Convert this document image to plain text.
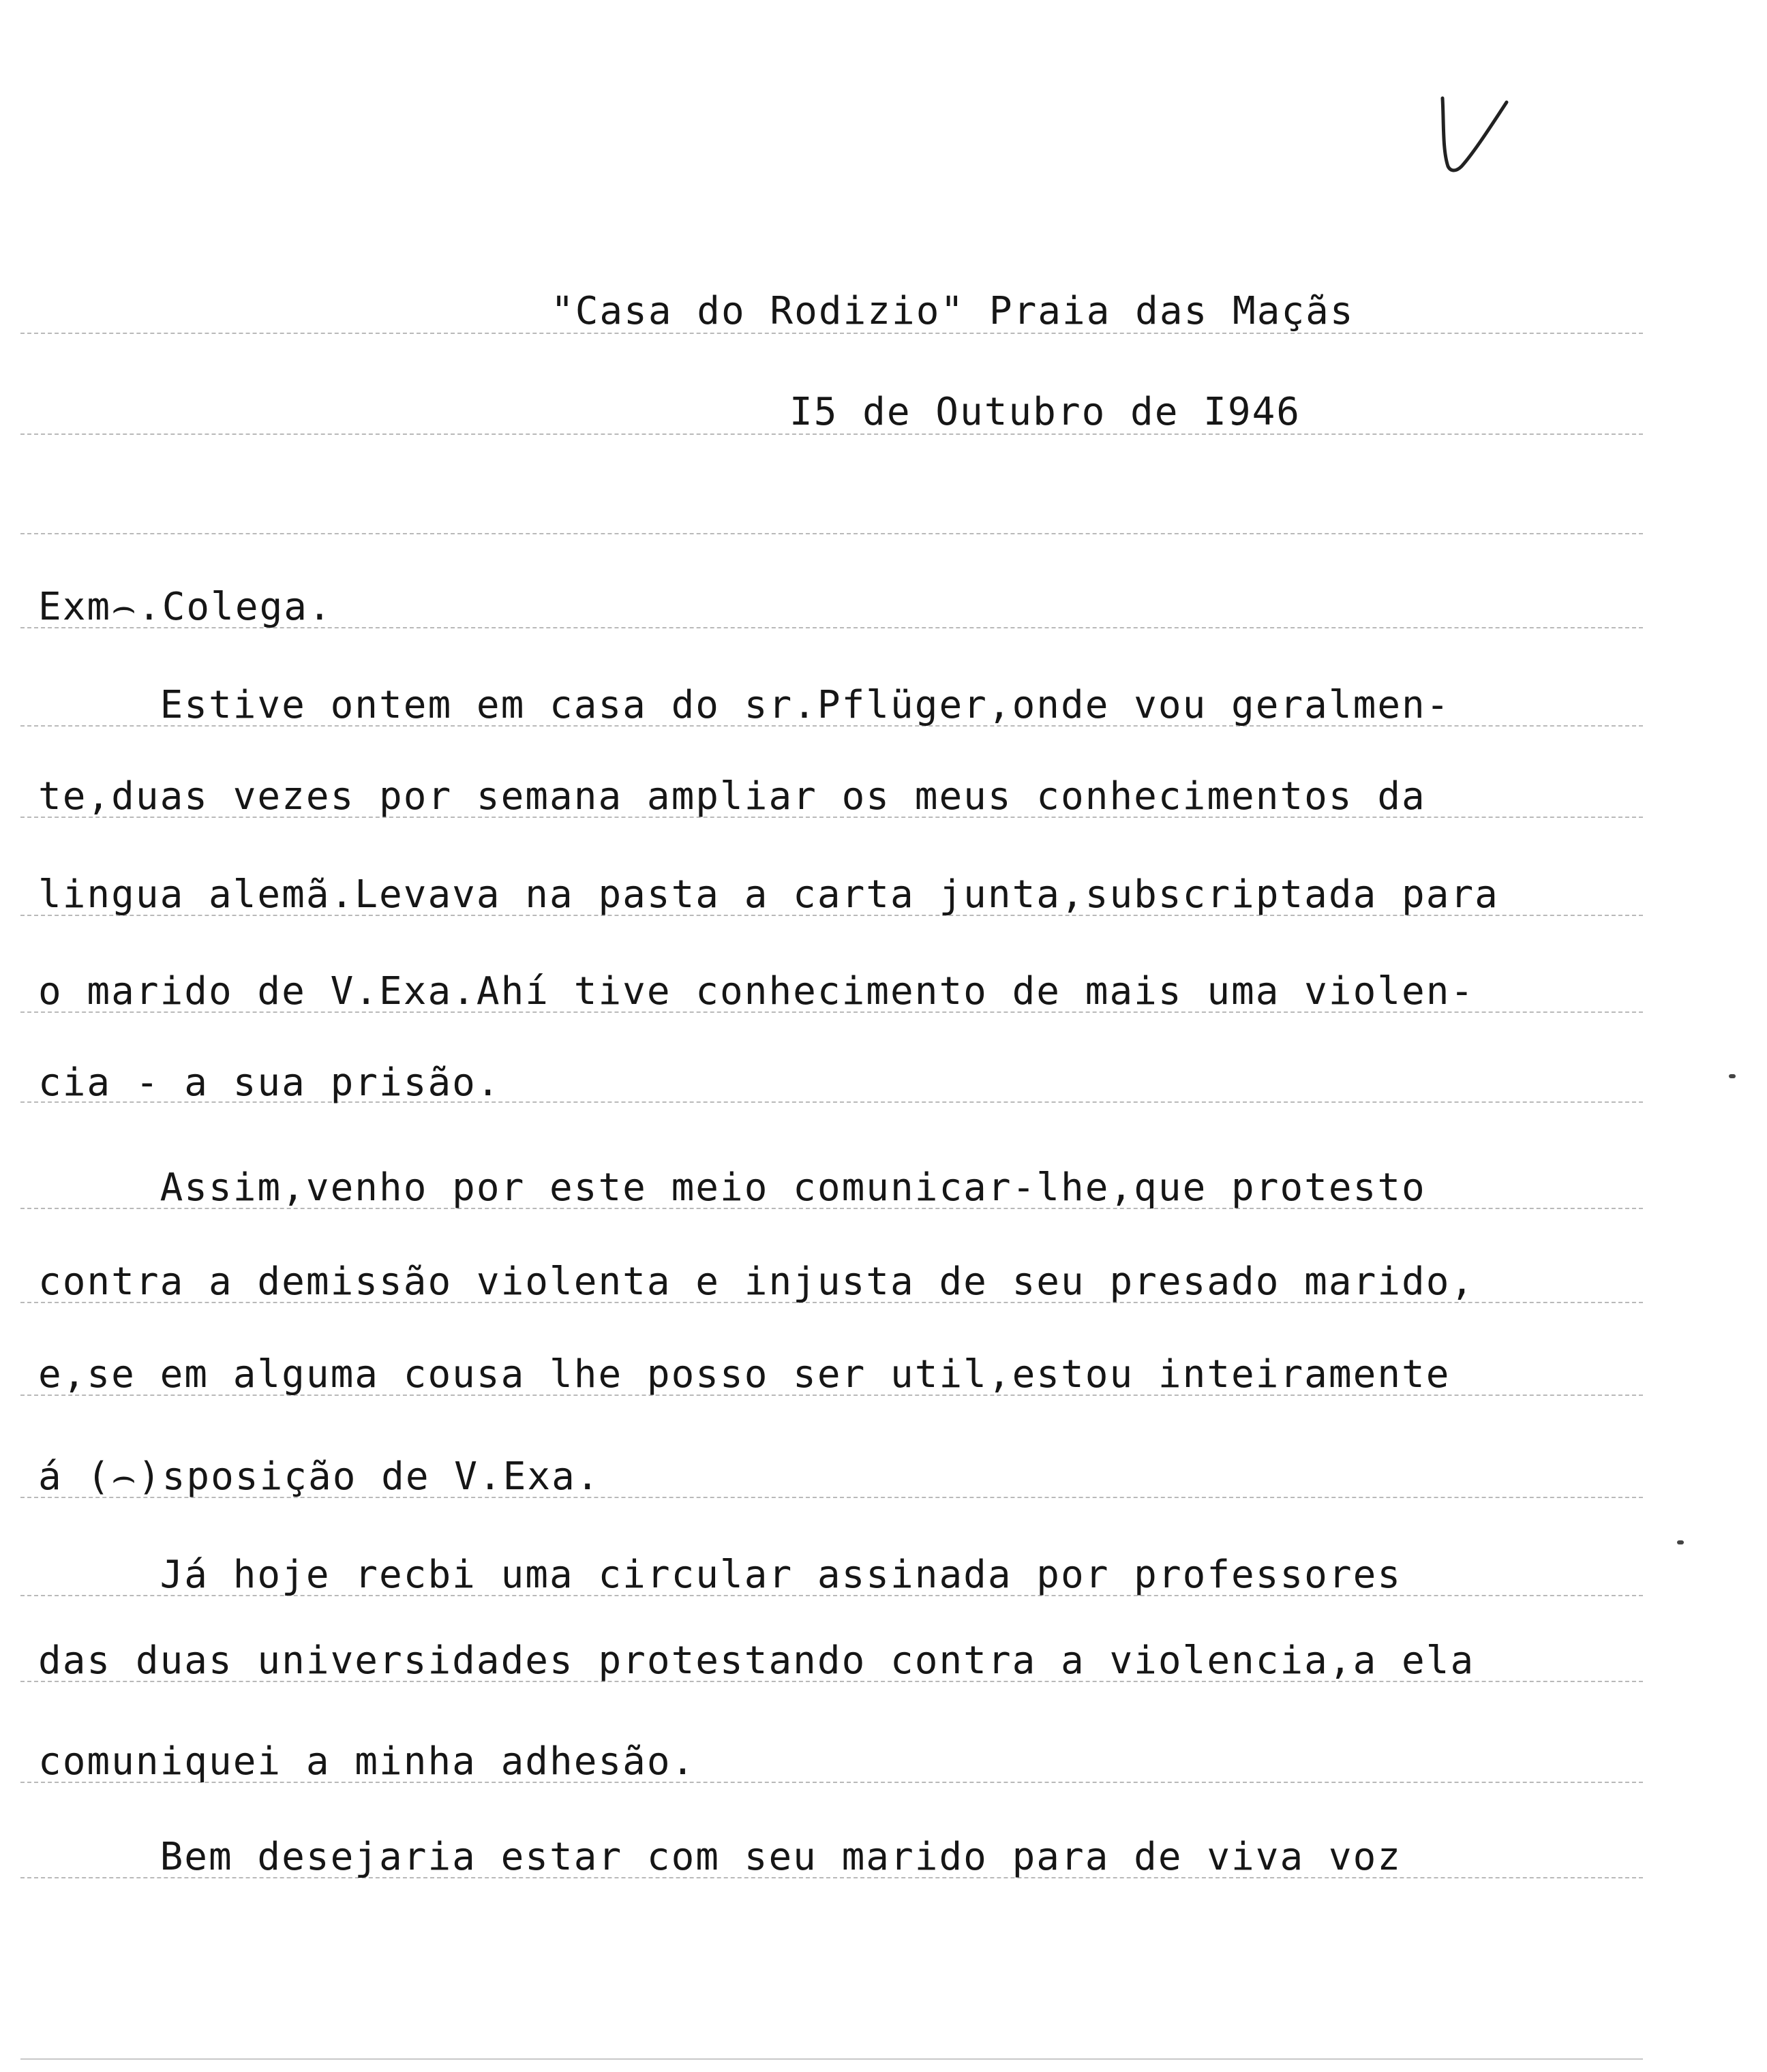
"Casa do Rodizio" Praia das Maçãs
I5 de Outubro de I946
Exm⌢.Colega.
Estive ontem em casa do sr.Pflüger,onde vou geralmen-
te,duas vezes por semana ampliar os meus conhecimentos da
lingua alemã.Levava na pasta a carta junta,subscriptada para
o marido de V.Exa.Ahí tive conhecimento de mais uma violen-
cia - a sua prisão.
Assim,venho por este meio comunicar-lhe,que protesto
contra a demissão violenta e injusta de seu presado marido,
e,se em alguma cousa lhe posso ser util,estou inteiramente
á (⌢)sposição de V.Exa.
Já hoje recbi uma circular assinada por professores
das duas universidades protestando contra a violencia,a ela
comuniquei a minha adhesão.
Bem desejaria estar com seu marido para de viva voz
